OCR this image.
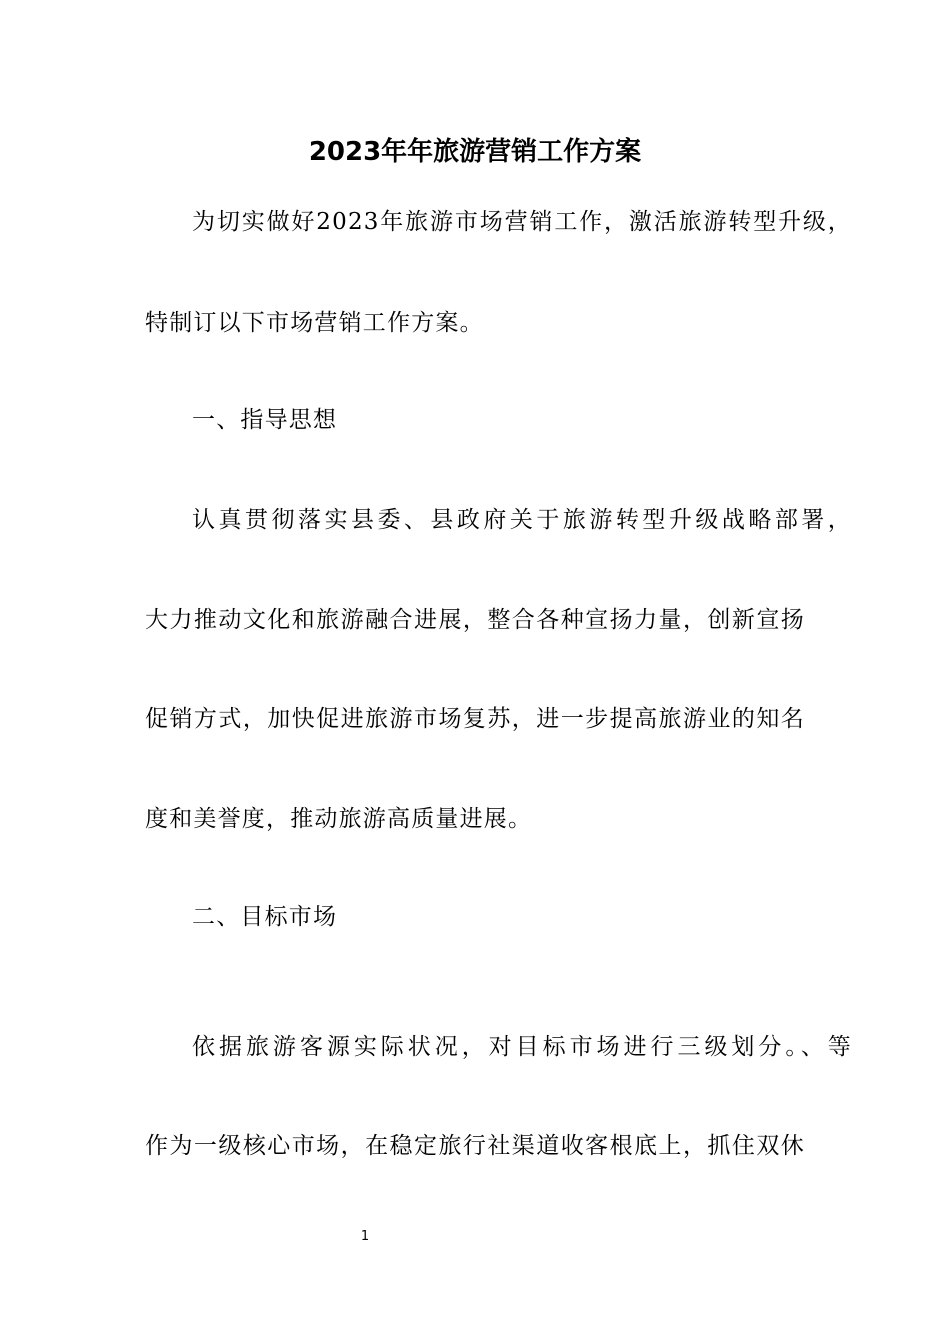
2023年年旅游营销工作方案

为切实做好2023年旅游市场营销工作，激活旅游转型升级，

特制订以下市场营销工作方案。

一、指导思想

认真贯彻落实县委、县政府关于旅游转型升级战略部署，

大力推动文化和旅游融合进展，整合各种宣扬力量，创新宣扬

促销方式，加快促进旅游市场复苏，进一步提高旅游业的知名

度和美誉度，推动旅游高质量进展。

二、目标市场

依据旅游客源实际状况，对目标市场进行三级划分。、等

作为一级核心市场，在稳定旅行社渠道收客根底上，抓住双休

1
